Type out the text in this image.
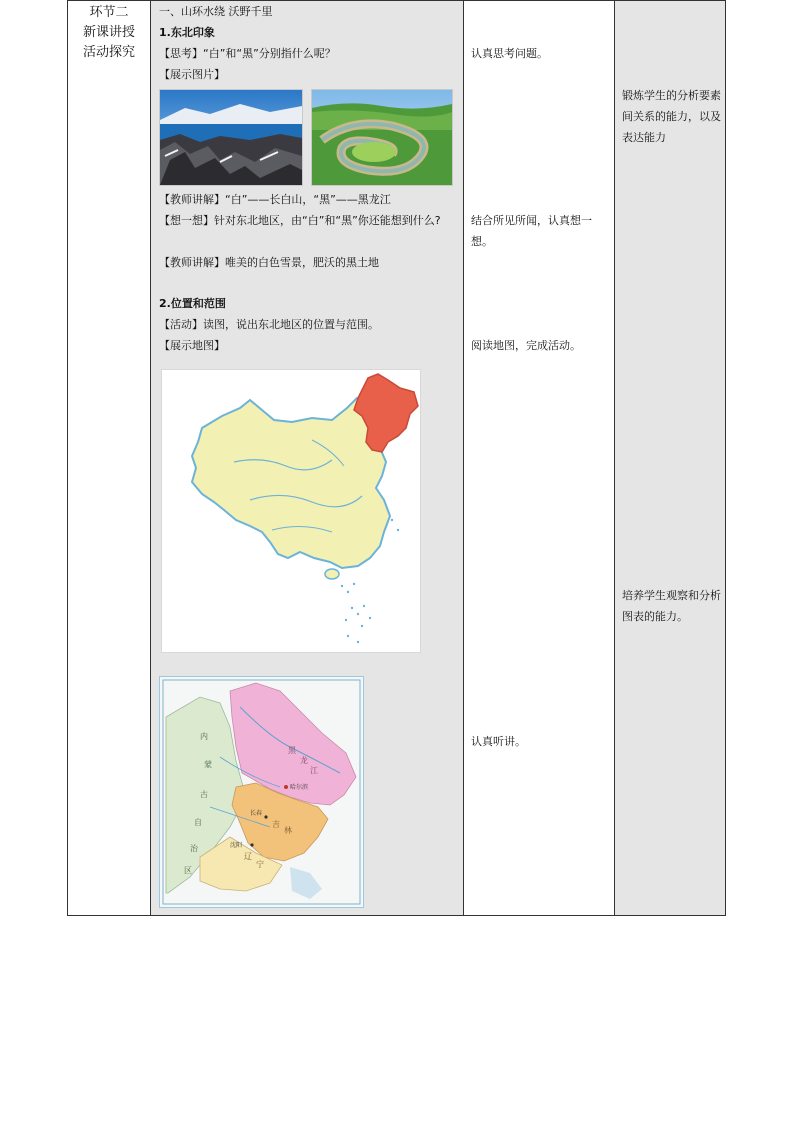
环节二
新课讲授
活动探究

一、山环水绕 沃野千里
1.东北印象
【思考】“白”和“黑”分别指什么呢？
【展示图片】
【教师讲解】“白”——长白山，“黑”——黑龙江
【想一想】针对东北地区，由“白”和“黑”你还能想到什么?
【教师讲解】唯美的白色雪景，肥沃的黑土地
2.位置和范围
【活动】读图，说出东北地区的位置与范围。
【展示地图】
黑
龙
江
吉
林
辽
宁
内
蒙
古
自
治
区
哈尔滨
长春
沈阳

认真思考问题。
结合所见所闻，认真想一想。
阅读地图，完成活动。
认真听讲。

锻炼学生的分析要素间关系的能力，以及表达能力
培养学生观察和分析图表的能力。
